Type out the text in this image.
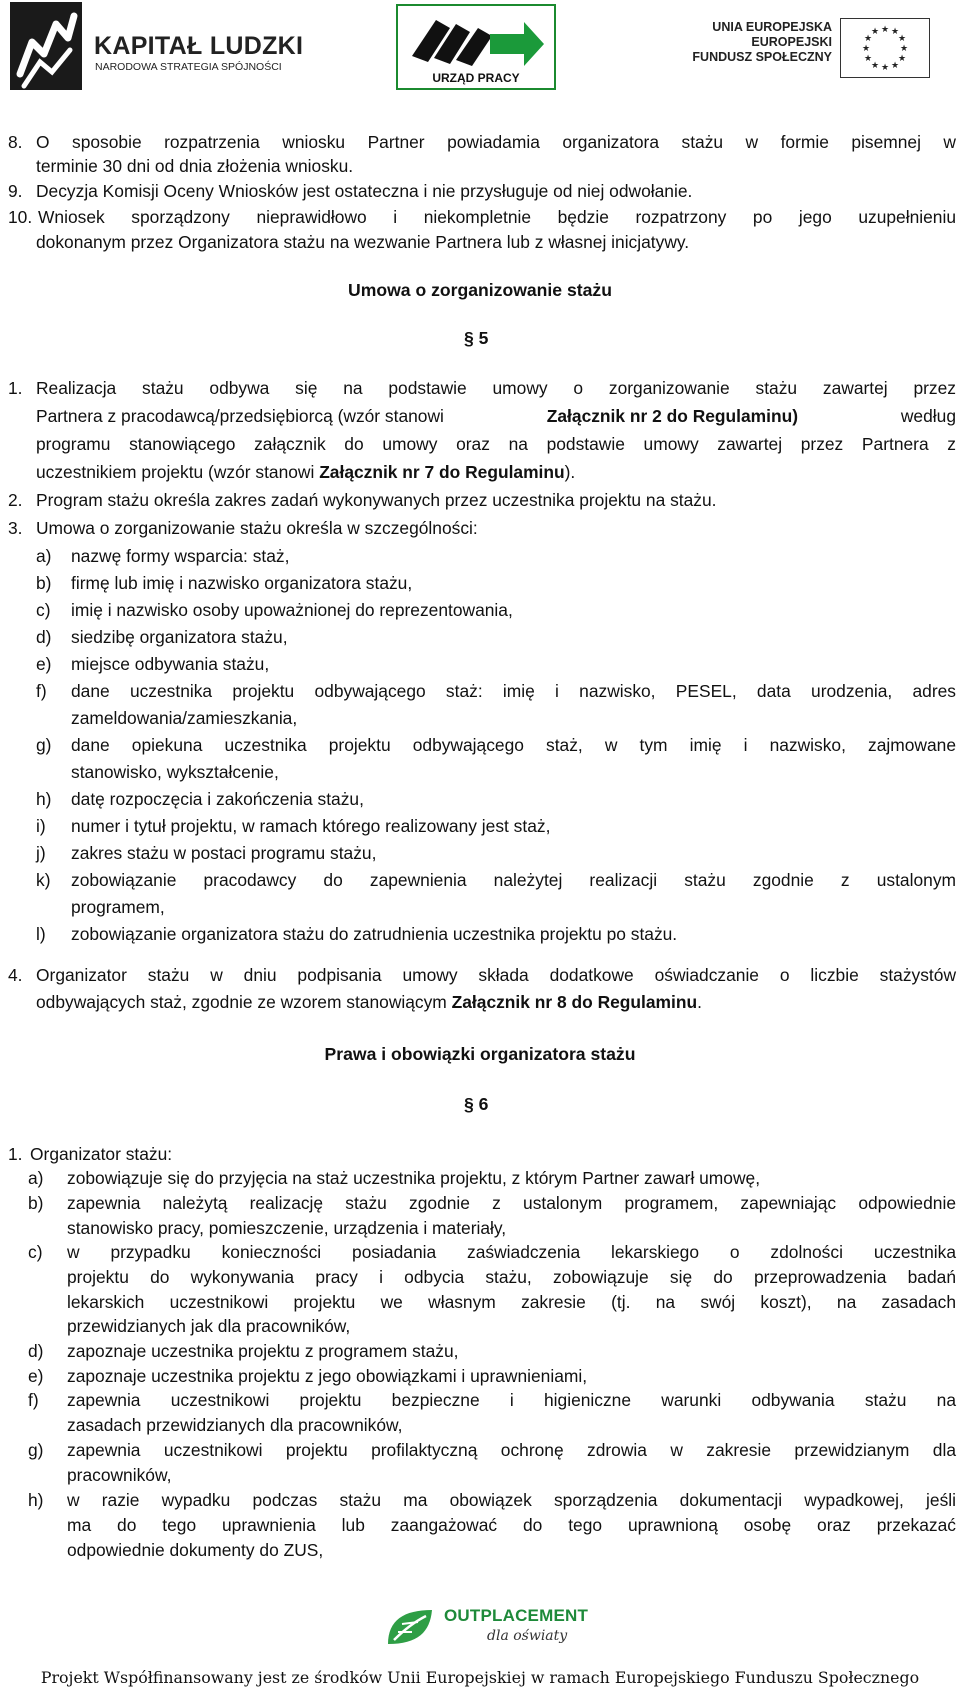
KAPITAŁ LUDZKI
NARODOWA STRATEGIA SPÓJNOŚCI
URZĄD PRACY
UNIA EUROPEJSKA
EUROPEJSKI
FUNDUSZ SPOŁECZNY
★ ★
★
★
★
★
★
★
★
★
★
★
8. O sposobie rozpatrzenia wniosku Partner powiadamia organizatora stażu w formie pisemnej w
terminie 30 dni od dnia złożenia wniosku.
9. Decyzja Komisji Oceny Wniosków jest ostateczna i nie przysługuje od niej odwołanie.
10. Wniosek sporządzony nieprawidłowo i niekompletnie będzie rozpatrzony po jego uzupełnieniu
dokonanym przez Organizatora stażu na wezwanie Partnera lub z własnej inicjatywy.
Umowa o zorganizowanie stażu
§ 5
1. Realizacja stażu odbywa się na podstawie umowy o zorganizowanie stażu zawartej przez
Partnera z pracodawcą/przedsiębiorcą (wzór stanowi	Załącznik nr 2 do Regulaminu)	według
programu stanowiącego załącznik do umowy oraz na podstawie umowy zawartej przez Partnera z
uczestnikiem projektu (wzór stanowi Załącznik nr 7 do Regulaminu).
2. Program stażu określa zakres zadań wykonywanych przez uczestnika projektu na stażu.
3. Umowa o zorganizowanie stażu określa w szczególności:
a) nazwę formy wsparcia: staż,
b) firmę lub imię i nazwisko organizatora stażu,
c) imię i nazwisko osoby upoważnionej do reprezentowania,
d) siedzibę organizatora stażu,
e) miejsce odbywania stażu,
f) dane uczestnika projektu odbywającego staż: imię i nazwisko, PESEL, data urodzenia, adres
zameldowania/zamieszkania,
g) dane opiekuna uczestnika projektu odbywającego staż, w tym imię i nazwisko, zajmowane
stanowisko, wykształcenie,
h) datę rozpoczęcia i zakończenia stażu,
i) numer i tytuł projektu, w ramach którego realizowany jest staż,
j) zakres stażu w postaci programu stażu,
k) zobowiązanie pracodawcy do zapewnienia należytej realizacji stażu zgodnie z ustalonym
programem,
l) zobowiązanie organizatora stażu do zatrudnienia uczestnika projektu po stażu.
4. Organizator stażu w dniu podpisania umowy składa dodatkowe oświadczanie o liczbie stażystów
odbywających staż, zgodnie ze wzorem stanowiącym Załącznik nr 8 do Regulaminu.
Prawa i obowiązki organizatora stażu
§ 6
1. Organizator stażu:
a) zobowiązuje się do przyjęcia na staż uczestnika projektu, z którym Partner zawarł umowę,
b) zapewnia należytą realizację stażu zgodnie z ustalonym programem, zapewniając odpowiednie
stanowisko pracy, pomieszczenie, urządzenia i materiały,
c) w przypadku konieczności posiadania zaświadczenia lekarskiego o zdolności uczestnika
projektu do wykonywania pracy i odbycia stażu, zobowiązuje się do przeprowadzenia badań
lekarskich uczestnikowi projektu we własnym zakresie (tj. na swój koszt), na zasadach
przewidzianych jak dla pracowników,
d) zapoznaje uczestnika projektu z programem stażu,
e) zapoznaje uczestnika projektu z jego obowiązkami i uprawnieniami,
f) zapewnia uczestnikowi projektu bezpieczne i higieniczne warunki odbywania stażu na
zasadach przewidzianych dla pracowników,
g) zapewnia uczestnikowi projektu profilaktyczną ochronę zdrowia w zakresie przewidzianym dla
pracowników,
h) w razie wypadku podczas stażu ma obowiązek sporządzenia dokumentacji wypadkowej, jeśli
ma do tego uprawnienia lub zaangażować do tego uprawnioną osobę oraz przekazać
odpowiednie dokumenty do ZUS,
OUTPLACEMENT
dla oświaty
Projekt Współfinansowany jest ze środków Unii Europejskiej w ramach Europejskiego Funduszu Społecznego
